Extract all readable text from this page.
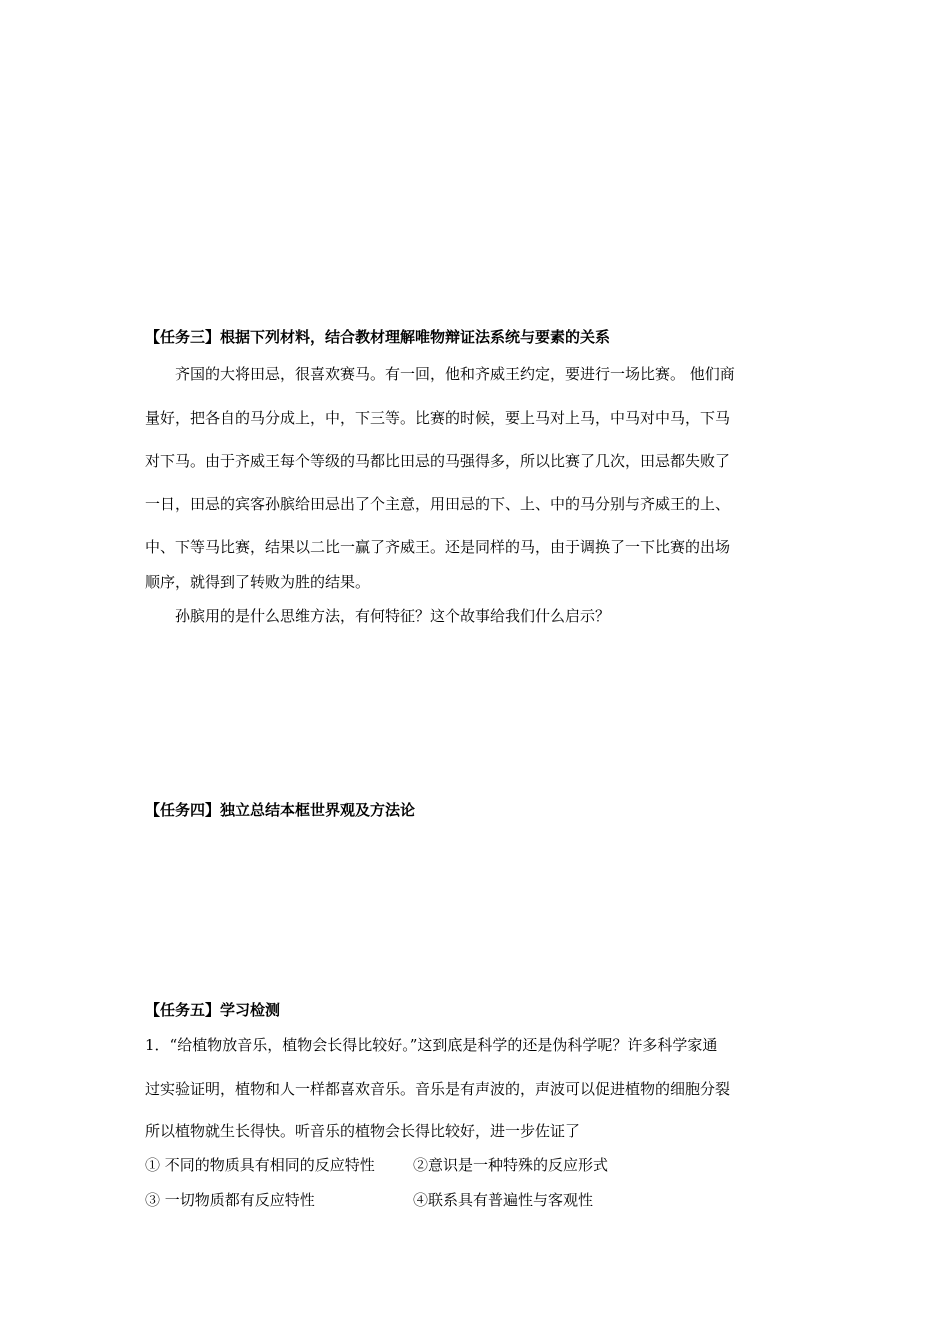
【任务三】根据下列材料，结合教材理解唯物辩证法系统与要素的关系
齐国的大将田忌，很喜欢赛马。有一回，他和齐威王约定，要进行一场比赛。 他们商
量好，把各自的马分成上，中，下三等。比赛的时候，要上马对上马，中马对中马，下马
对下马。由于齐威王每个等级的马都比田忌的马强得多，所以比赛了几次，田忌都失败了
一日，田忌的宾客孙膑给田忌出了个主意，用田忌的下、上、中的马分别与齐威王的上、
中、下等马比赛，结果以二比一赢了齐威王。还是同样的马，由于调换了一下比赛的出场
顺序，就得到了转败为胜的结果。
孙膑用的是什么思维方法，有何特征？这个故事给我们什么启示？
【任务四】独立总结本框世界观及方法论
【任务五】学习检测
1．“给植物放音乐，植物会长得比较好。”这到底是科学的还是伪科学呢？许多科学家通
过实验证明，植物和人一样都喜欢音乐。音乐是有声波的，声波可以促进植物的细胞分裂
所以植物就生长得快。听音乐的植物会长得比较好，进一步佐证了
① 不同的物质具有相同的反应特性	②意识是一种特殊的反应形式
③ 一切物质都有反应特性	④联系具有普遍性与客观性
